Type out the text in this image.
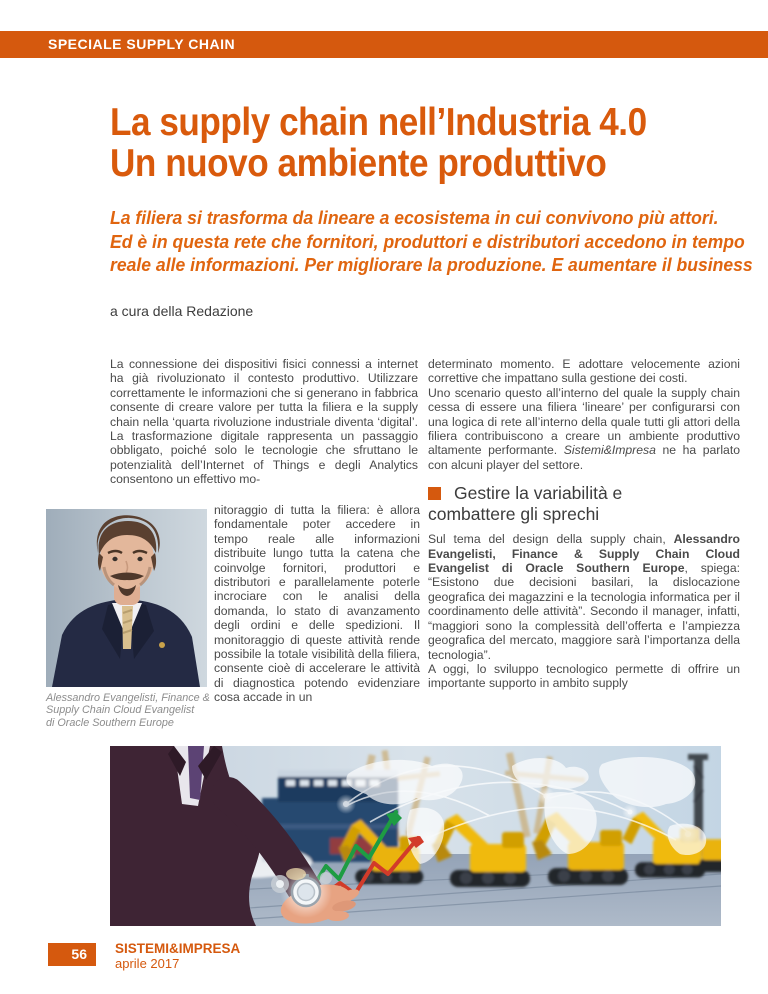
SPECIALE SUPPLY CHAIN
La supply chain nell’Industria 4.0
Un nuovo ambiente produttivo
La filiera si trasforma da lineare a ecosistema in cui convivono più attori.
Ed è in questa rete che fornitori, produttori e distributori accedono in tempo
reale alle informazioni. Per migliorare la produzione. E aumentare il business
a cura della Redazione

La connessione dei dispositivi fisici connessi a internet ha già rivoluzionato il contesto produttivo. Utilizzare correttamente le informazioni che si generano in fabbrica consente di creare valore per tutta la filiera e la supply chain nella ‘quarta rivoluzione industriale diventa ‘digital’. La trasformazione digitale rappresenta un passaggio obbligato, poiché solo le tecnologie che sfruttano le potenzialità dell’Internet of Things e degli Analytics consentono un effettivo mo-

nitoraggio di tutta la filiera: è allora fondamentale poter accedere in tempo reale alle informazioni distribuite lungo tutta la catena che coinvolge fornitori, produttori e distributori e parallelamente poterle incrociare con le analisi della domanda, lo stato di avanzamento degli ordini e delle spedizioni. Il monitoraggio di queste attività rende possibile la totale visibilità della filiera, consente cioè di accelerare le attività di diagnostica potendo evidenziare cosa accade in un
Alessandro Evangelisti, Finance &
Supply Chain Cloud Evangelist
di Oracle Southern Europe

determinato momento. E adottare velocemente azioni correttive che impattano sulla gestione dei costi.

Uno scenario questo all’interno del quale la supply chain cessa di essere una filiera ‘lineare’ per configurarsi con una logica di rete all’interno della quale tutti gli attori della filiera contribuiscono a creare un ambiente produttivo altamente performante. Sistemi&Impresa ne ha parlato con alcuni player del settore.

Gestire la variabilità e
combattere gli sprechi

Sul tema del design della supply chain, Alessandro Evangelisti, Finance & Supply Chain Cloud Evangelist di Oracle Southern Europe, spiega: “Esistono due decisioni basilari, la dislocazione geografica dei magazzini e la tecnologia informatica per il coordinamento delle attività”. Secondo il manager, infatti, “maggiori sono la complessità dell’offerta e l’ampiezza geografica del mercato, maggiore sarà l’importanza della tecnologia”.

A oggi, lo sviluppo tecnologico permette di offrire un importante supporto in ambito supply

56 SISTEMI&IMPRESA
aprile 2017
